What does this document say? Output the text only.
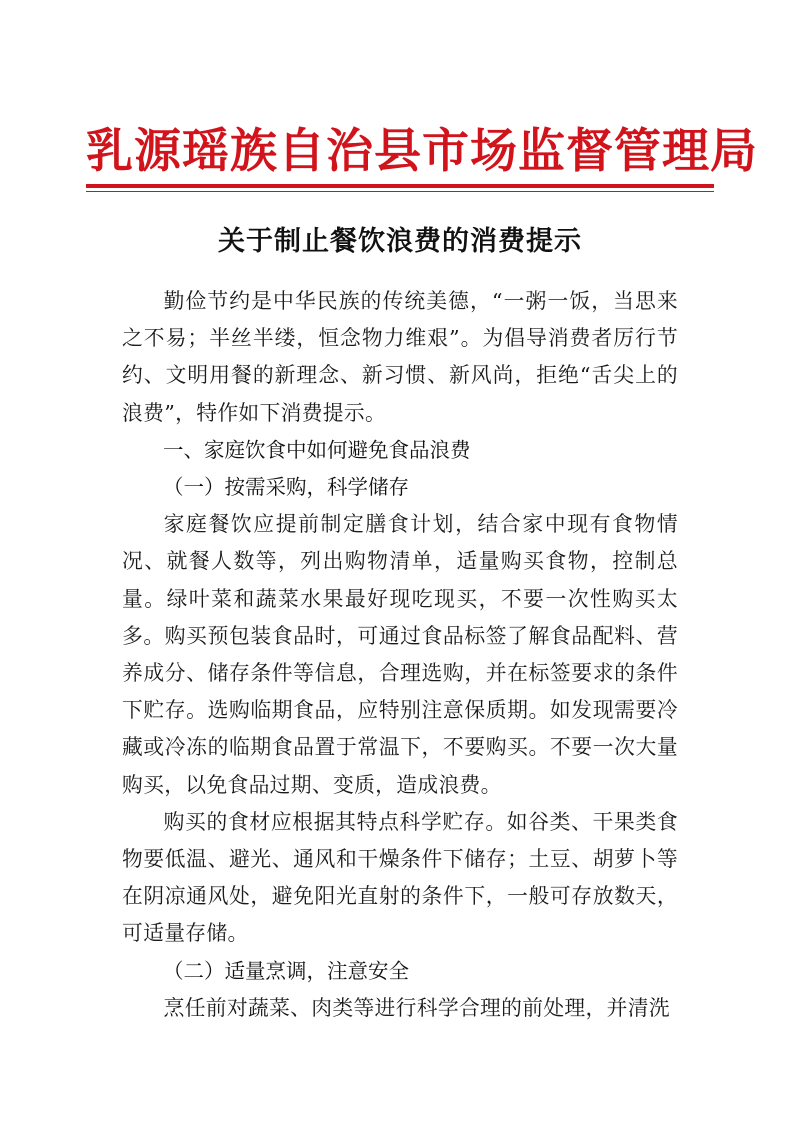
乳源瑶族自治县市场监督管理局
关于制止餐饮浪费的消费提示

勤俭节约是中华民族的传统美德，“一粥一饭，当思来之不易；半丝半缕，恒念物力维艰”。为倡导消费者厉行节约、文明用餐的新理念、新习惯、新风尚，拒绝“舌尖上的浪费”，特作如下消费提示。

一、家庭饮食中如何避免食品浪费

（一）按需采购，科学储存

家庭餐饮应提前制定膳食计划，结合家中现有食物情况、就餐人数等，列出购物清单，适量购买食物，控制总量。绿叶菜和蔬菜水果最好现吃现买，不要一次性购买太多。购买预包装食品时，可通过食品标签了解食品配料、营养成分、储存条件等信息，合理选购，并在标签要求的条件下贮存。选购临期食品，应特别注意保质期。如发现需要冷藏或冷冻的临期食品置于常温下，不要购买。不要一次大量购买，以免食品过期、变质，造成浪费。

购买的食材应根据其特点科学贮存。如谷类、干果类食物要低温、避光、通风和干燥条件下储存；土豆、胡萝卜等在阴凉通风处，避免阳光直射的条件下，一般可存放数天，可适量存储。

（二）适量烹调，注意安全

烹任前对蔬菜、肉类等进行科学合理的前处理，并清洗
